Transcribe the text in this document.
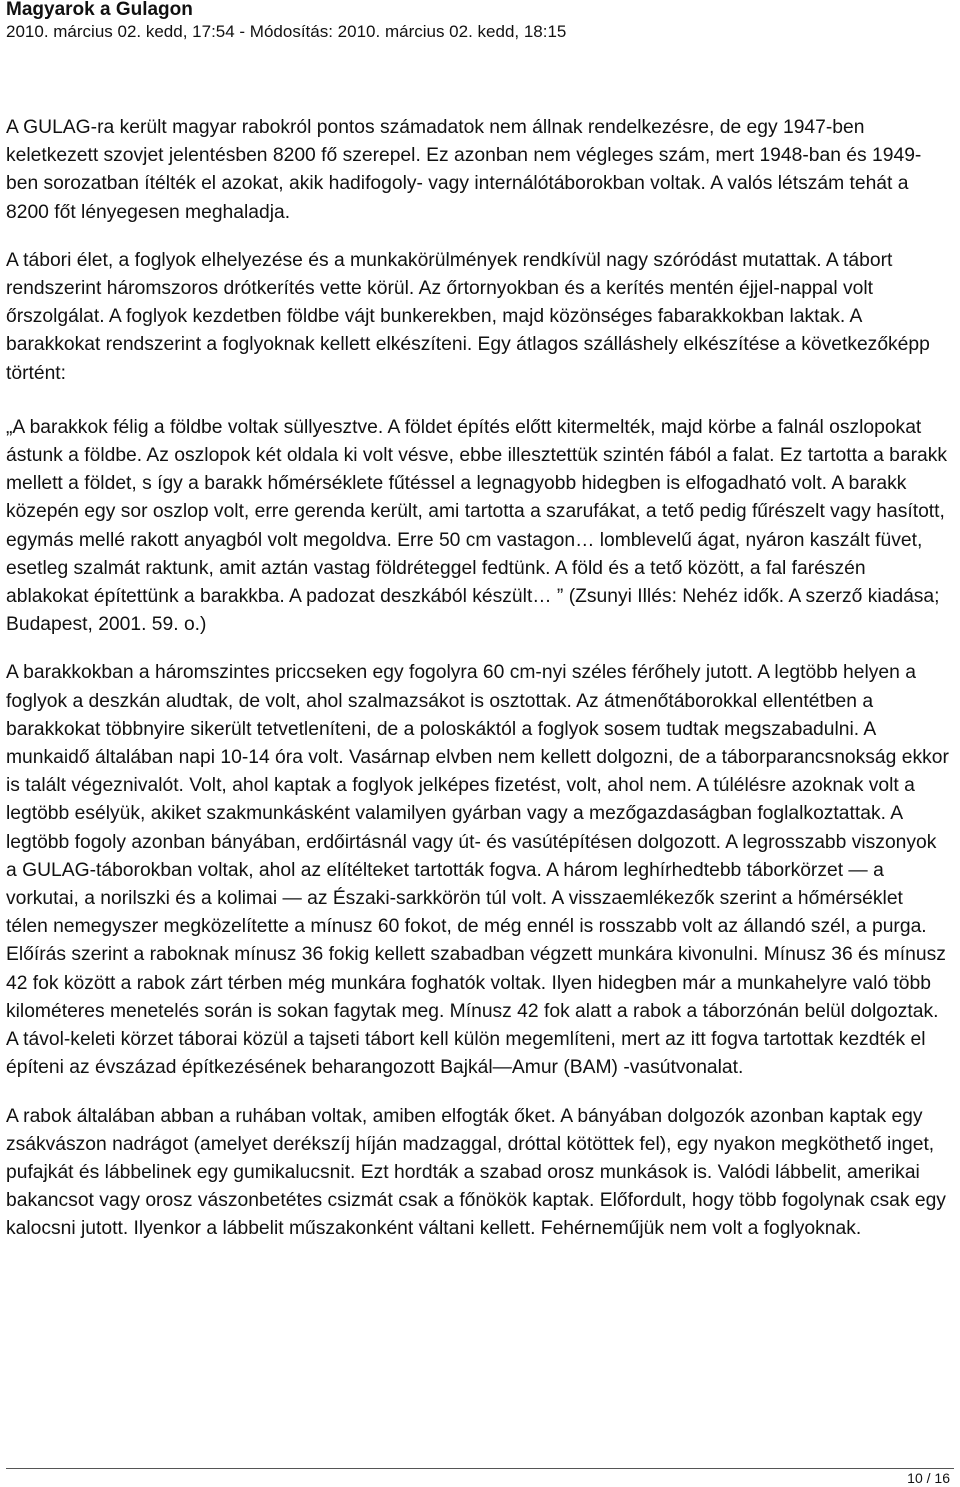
Magyarok a Gulagon
2010. március 02. kedd, 17:54 - Módosítás: 2010. március 02. kedd, 18:15

A GULAG-ra került magyar rabokról pontos számadatok nem állnak rendelkezésre, de egy 1947-ben keletkezett szovjet jelentésben 8200 fő szerepel. Ez azonban nem végleges szám, mert 1948-ban és 1949-ben sorozatban ítélték el azokat, akik hadifogoly- vagy internálótáborokban voltak. A valós létszám tehát a 8200 főt lényegesen meghaladja.

A tábori élet, a foglyok elhelyezése és a munkakörülmények rendkívül nagy szóródást mutattak. A tábort rendszerint háromszoros drótkerítés vette körül. Az őrtornyokban és a kerítés mentén éjjel-nappal volt őrszolgálat. A foglyok kezdetben földbe vájt bunkerekben, majd közönséges fabarakkokban laktak. A barakkokat rendszerint a foglyoknak kellett elkészíteni. Egy átlagos szálláshely elkészítése a következőképp történt:

„A barakkok félig a földbe voltak süllyesztve. A földet építés előtt kitermelték, majd körbe a falnál oszlopokat ástunk a földbe. Az oszlopok két oldala ki volt vésve, ebbe illesztettük szintén fából a falat. Ez tartotta a barakk mellett a földet, s így a barakk hőmérséklete fűtéssel a legnagyobb hidegben is elfogadható volt. A barakk közepén egy sor oszlop volt, erre gerenda került, ami tartotta a szarufákat, a tető pedig fűrészelt vagy hasított, egymás mellé rakott anyagból volt megoldva. Erre 50 cm vastagon… lomblevelű ágat, nyáron kaszált füvet, esetleg szalmát raktunk, amit aztán vastag földréteggel fedtünk. A föld és a tető között, a fal farészén ablakokat építettünk a barakkba. A padozat deszkából készült… ” (Zsunyi Illés: Nehéz idők. A szerző kiadása; Budapest, 2001. 59. o.)

A barakkokban a háromszintes priccseken egy fogolyra 60 cm-nyi széles férőhely jutott. A legtöbb helyen a foglyok a deszkán aludtak, de volt, ahol szalmazsákot is osztottak. Az átmenőtáborokkal ellentétben a barakkokat többnyire sikerült tetvetleníteni, de a poloskáktól a foglyok sosem tudtak megszabadulni. A munkaidő általában napi 10-14 óra volt. Vasárnap elvben nem kellett dolgozni, de a táborparancsnokság ekkor is talált végeznivalót. Volt, ahol kaptak a foglyok jelképes fizetést, volt, ahol nem. A túlélésre azoknak volt a legtöbb esélyük, akiket szakmunkásként valamilyen gyárban vagy a mezőgazdaságban foglalkoztattak. A legtöbb fogoly azonban bányában, erdőirtásnál vagy út- és vasútépítésen dolgozott. A legrosszabb viszonyok a GULAG-táborokban voltak, ahol az elítélteket tartották fogva. A három leghírhedtebb táborkörzet — a vorkutai, a norilszki és a kolimai — az Északi-sarkkörön túl volt. A visszaemlékezők szerint a hőmérséklet télen nemegyszer megközelítette a mínusz 60 fokot, de még ennél is rosszabb volt az állandó szél, a purga. Előírás szerint a raboknak mínusz 36 fokig kellett szabadban végzett munkára kivonulni. Mínusz 36 és mínusz 42 fok között a rabok zárt térben még munkára foghatók voltak. Ilyen hidegben már a munkahelyre való több kilométeres menetelés során is sokan fagytak meg. Mínusz 42 fok alatt a rabok a táborzónán belül dolgoztak. A távol-keleti körzet táborai közül a tajseti tábort kell külön megemlíteni, mert az itt fogva tartottak kezdték el építeni az évszázad építkezésének beharangozott Bajkál—Amur (BAM) -vasútvonalat.

A rabok általában abban a ruhában voltak, amiben elfogták őket. A bányában dolgozók azonban kaptak egy zsákvászon nadrágot (amelyet derékszíj híján madzaggal, dróttal kötöttek fel), egy nyakon megköthető inget, pufajkát és lábbelinek egy gumikalucsnit. Ezt hordták a szabad orosz munkások is. Valódi lábbelit, amerikai bakancsot vagy orosz vászonbetétes csizmát csak a főnökök kaptak. Előfordult, hogy több fogolynak csak egy kalocsni jutott. Ilyenkor a lábbelit műszakonként váltani kellett. Fehérneműjük nem volt a foglyoknak.

10 / 16
